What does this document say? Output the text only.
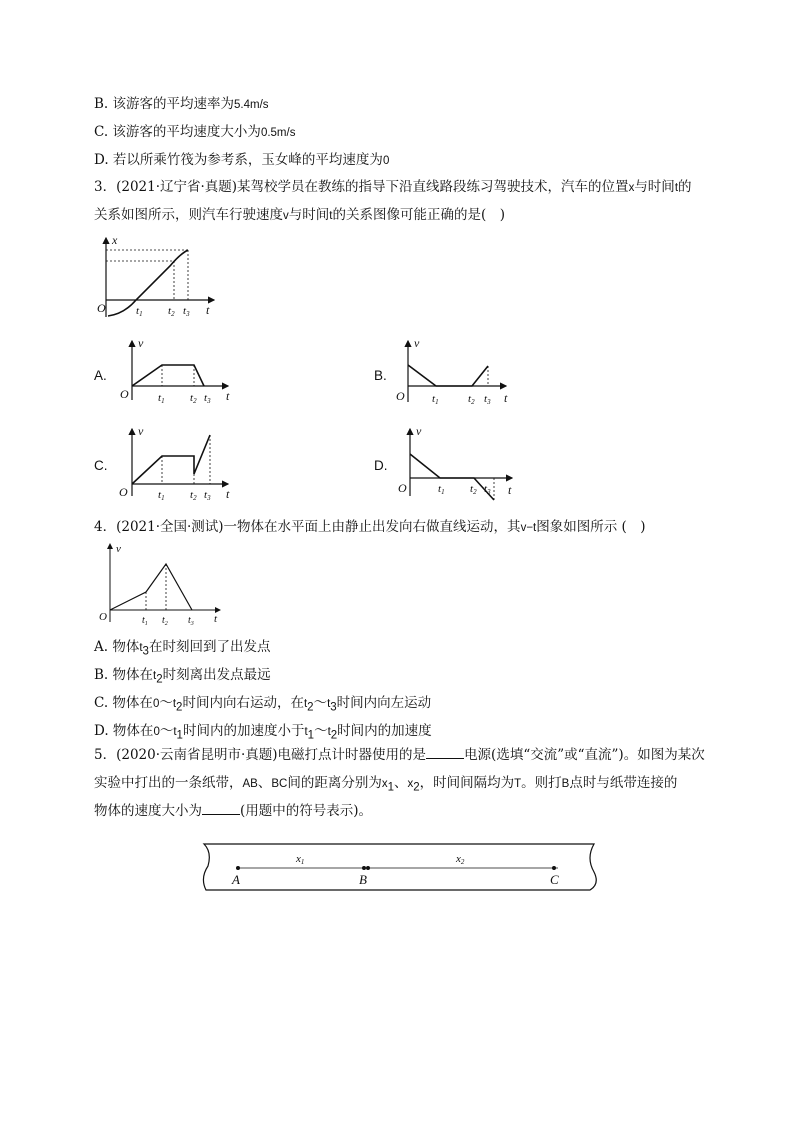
B. 该游客的平均速率为5.4m/s
C. 该游客的平均速度大小为0.5m/s
D. 若以所乘竹筏为参考系，玉女峰的平均速度为0
3．(2021·辽宁省·真题)某驾校学员在教练的指导下沿直线路段练习驾驶技术，汽车的位置x与时间t的
关系如图所示，则汽车行驶速度v与时间t的关系图像可能正确的是(　)
x
O	t
t1 t2 t3
A.
v
O	t
t1 t2 t3
B.
v
O	t
t1	t2 t3
C.
v
O	t
t1 t2 t3
D.
v
O	t
t1 t2 t3
4．(2021·全国·测试)一物体在水平面上由静止出发向右做直线运动，其v−t图象如图所示 (　)
v
O	t
$t_1$ $t_2$ $t_3$
A. 物体$t_3$在时刻回到了出发点
B. 物体在$t_2$时刻离出发点最远
C. 物体在$0\sim t_2$时间内向右运动，在$t_2\sim t_3$时间内向左运动
D. 物体在$0\sim t_1$时间内的加速度小于$t_1\sim t_2$时间内的加速度
5．(2020·云南省昆明市·真题)电磁打点计时器使用的是	电源(选填“交流”或“直流”)。如图为某次
实验中打出的一条纸带，AB、BC间的距离分别为$x_1$、$x_2$，时间间隔均为T。则打B点时与纸带连接的
物体的速度大小为	(用题中的符号表示)。
A	B	C
x1	x2
